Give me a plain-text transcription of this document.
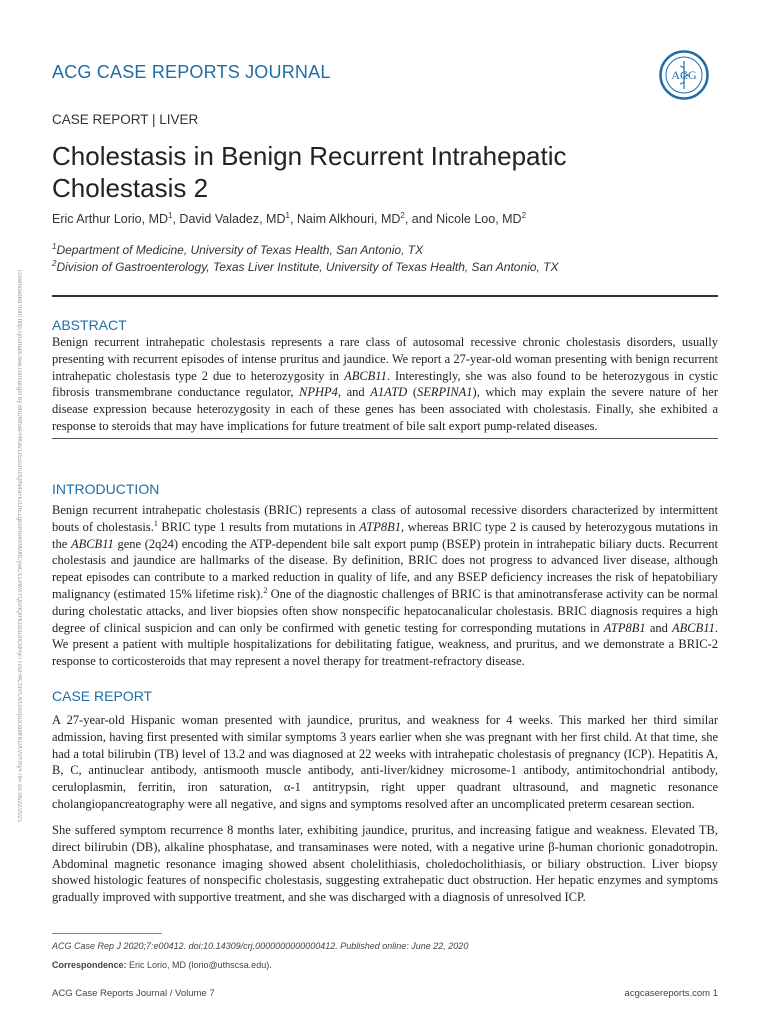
ACG CASE REPORTS JOURNAL	ACG
CASE REPORT | LIVER
Cholestasis in Benign Recurrent Intrahepatic Cholestasis 2
Eric Arthur Lorio, $MD^1$, David Valadez, $MD^1$, Naim Alkhouri, $MD^2$, and Nicole Loo, $MD^2$
$^1$Department of Medicine, University of Texas Health, San Antonio, TX
$^2$Division of Gastroenterology, Texas Liver Institute, University of Texas Health, San Antonio, TX
Downloaded from http://journals.lww.com/acgcr by BhDMf5ePHKav1zEoum1tQfN4a+kJLhEZgbsIHo4XMi0hCywCX1AWnYQp/IlQrHD3i3D0OdRyi7TvSFl4Cf3VC4/OAVpDDa8KKGKV0Ymy+78= on 06/22/2021 ABSTRACT

Benign recurrent intrahepatic cholestasis represents a rare class of autosomal recessive chronic cholestasis disorders, usually presenting with recurrent episodes of intense pruritus and jaundice. We report a 27-year-old woman presenting with benign recurrent intrahepatic cholestasis type 2 due to heterozygosity in ABCB11. Interestingly, she was also found to be heterozygous in cystic fibrosis transmembrane conductance regulator, NPHP4, and A1ATD (SERPINA1), which may explain the severe nature of her disease expression because heterozygosity in each of these genes has been associated with cholestasis. Finally, she exhibited a response to steroids that may have implications for future treatment of bile salt export pump-related diseases.

INTRODUCTION

Benign recurrent intrahepatic cholestasis (BRIC) represents a class of autosomal recessive disorders characterized by intermittent bouts of cholestasis.$^1$ BRIC type 1 results from mutations in ATP8B1, whereas BRIC type 2 is caused by heterozygous mutations in the ABCB11 gene (2q24) encoding the ATP-dependent bile salt export pump (BSEP) protein in intrahepatic biliary ducts. Recurrent cholestasis and jaundice are hallmarks of the disease. By definition, BRIC does not progress to advanced liver disease, although repeat episodes can contribute to a marked reduction in quality of life, and any BSEP deficiency increases the risk of hepatobiliary malignancy (estimated 15% lifetime risk).$^2$ One of the diagnostic challenges of BRIC is that aminotransferase activity can be normal during cholestatic attacks, and liver biopsies often show nonspecific hepatocanalicular cholestasis. BRIC diagnosis requires a high degree of clinical suspicion and can only be confirmed with genetic testing for corresponding mutations in ATP8B1 and ABCB11. We present a patient with multiple hospitalizations for debilitating fatigue, weakness, and pruritus, and we demonstrate a BRIC-2 response to corticosteroids that may represent a novel therapy for treatment-refractory disease.

CASE REPORT

A 27-year-old Hispanic woman presented with jaundice, pruritus, and weakness for 4 weeks. This marked her third similar admission, having first presented with similar symptoms 3 years earlier when she was pregnant with her first child. At that time, she had a total bilirubin (TB) level of 13.2 and was diagnosed at 22 weeks with intrahepatic cholestasis of pregnancy (ICP). Hepatitis A, B, C, antinuclear antibody, antismooth muscle antibody, anti-liver/kidney microsome-1 antibody, antimitochondrial antibody, ceruloplasmin, ferritin, iron saturation, α-1 antitrypsin, right upper quadrant ultrasound, and magnetic resonance cholangiopancreatography were all negative, and signs and symptoms resolved after an uncomplicated preterm cesarean section.

She suffered symptom recurrence 8 months later, exhibiting jaundice, pruritus, and increasing fatigue and weakness. Elevated TB, direct bilirubin (DB), alkaline phosphatase, and transaminases were noted, with a negative urine β-human chorionic gonadotropin. Abdominal magnetic resonance imaging showed absent cholelithiasis, choledocholithiasis, or biliary obstruction. Liver biopsy showed histologic features of nonspecific cholestasis, suggesting extrahepatic duct obstruction. Her hepatic enzymes and symptoms gradually improved with supportive treatment, and she was discharged with a diagnosis of unresolved ICP.

ACG Case Rep J 2020;7:e00412. doi:10.14309/crj.0000000000000412. Published online: June 22, 2020
Correspondence: Eric Lorio, MD (lorio@uthscsa.edu).
ACG Case Reports Journal / Volume 7	acgcasereports.com 1
